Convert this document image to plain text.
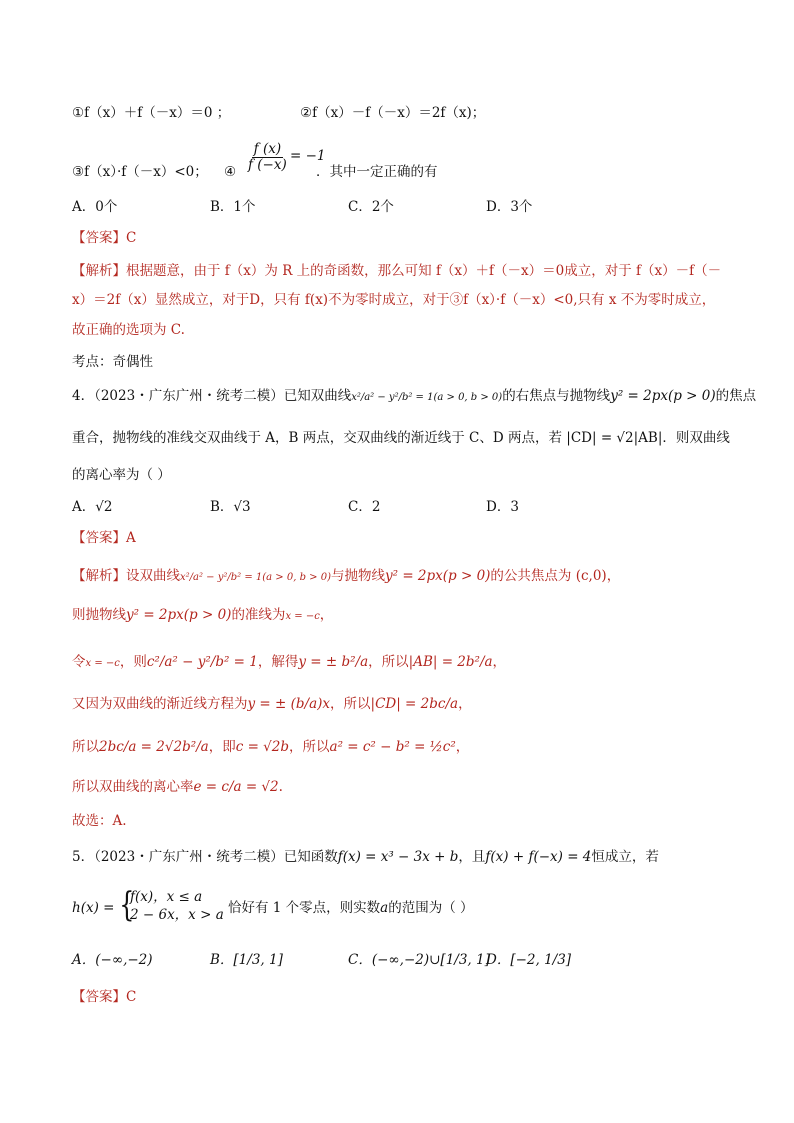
①f（x）＋f（－x）＝0 ；	②f（x）－f（－x）＝2f（x)；
③f（x）·f（－x）<0； ④ $\frac{f (x)}{f (-x)} = -1$
．其中一定正确的有
A．0个	B．1个	C．2个	D．3个
【答案】C
【解析】根据题意，由于 f（x）为 R 上的奇函数，那么可知 f（x）＋f（－x）＝0成立，对于 f（x）－f（－
x）＝2f（x）显然成立，对于D，只有 f(x)不为零时成立，对于③f（x）·f（－x）<0,只有 x 不为零时成立，
故正确的选项为 C.
考点：奇偶性
4．（2023・广东广州・统考二模）已知双曲线x²/a² − y²/b² = 1(a > 0, b > 0)的右焦点与抛物线y² = 2px(p > 0)的焦点
重合，抛物线的准线交双曲线于 A，B 两点，交双曲线的渐近线于 C、D 两点，若 |CD| = √2|AB|．则双曲线
的离心率为（ ）
A．√2	B．√3	C．2	D．3
【答案】A
【解析】设双曲线x²/a² − y²/b² = 1(a > 0, b > 0)与抛物线y² = 2px(p > 0)的公共焦点为 (c,0)，
则抛物线y² = 2px(p > 0)的准线为x = −c，
令x = −c，则c²/a² − y²/b² = 1，解得y = ± b²/a，所以|AB| = 2b²/a，
又因为双曲线的渐近线方程为y = ± (b/a)x，所以|CD| = 2bc/a，
所以2bc/a = 2√2b²/a，即c = √2b，所以a² = c² − b² = ½c²，
所以双曲线的离心率e = c/a = √2.
故选：A.
5．（2023・广东广州・统考二模）已知函数f(x) = x³ − 3x + b，且f(x) + f(−x) = 4恒成立，若
h(x) = {
f(x)，x ≤ a
2 − 6x，x > a 恰好有 1 个零点，则实数a的范围为（ ）
A．(−∞,−2)	B．[1/3, 1]	C．(−∞,−2)∪[1/3, 1]
D．[−2, 1/3]
【答案】C
